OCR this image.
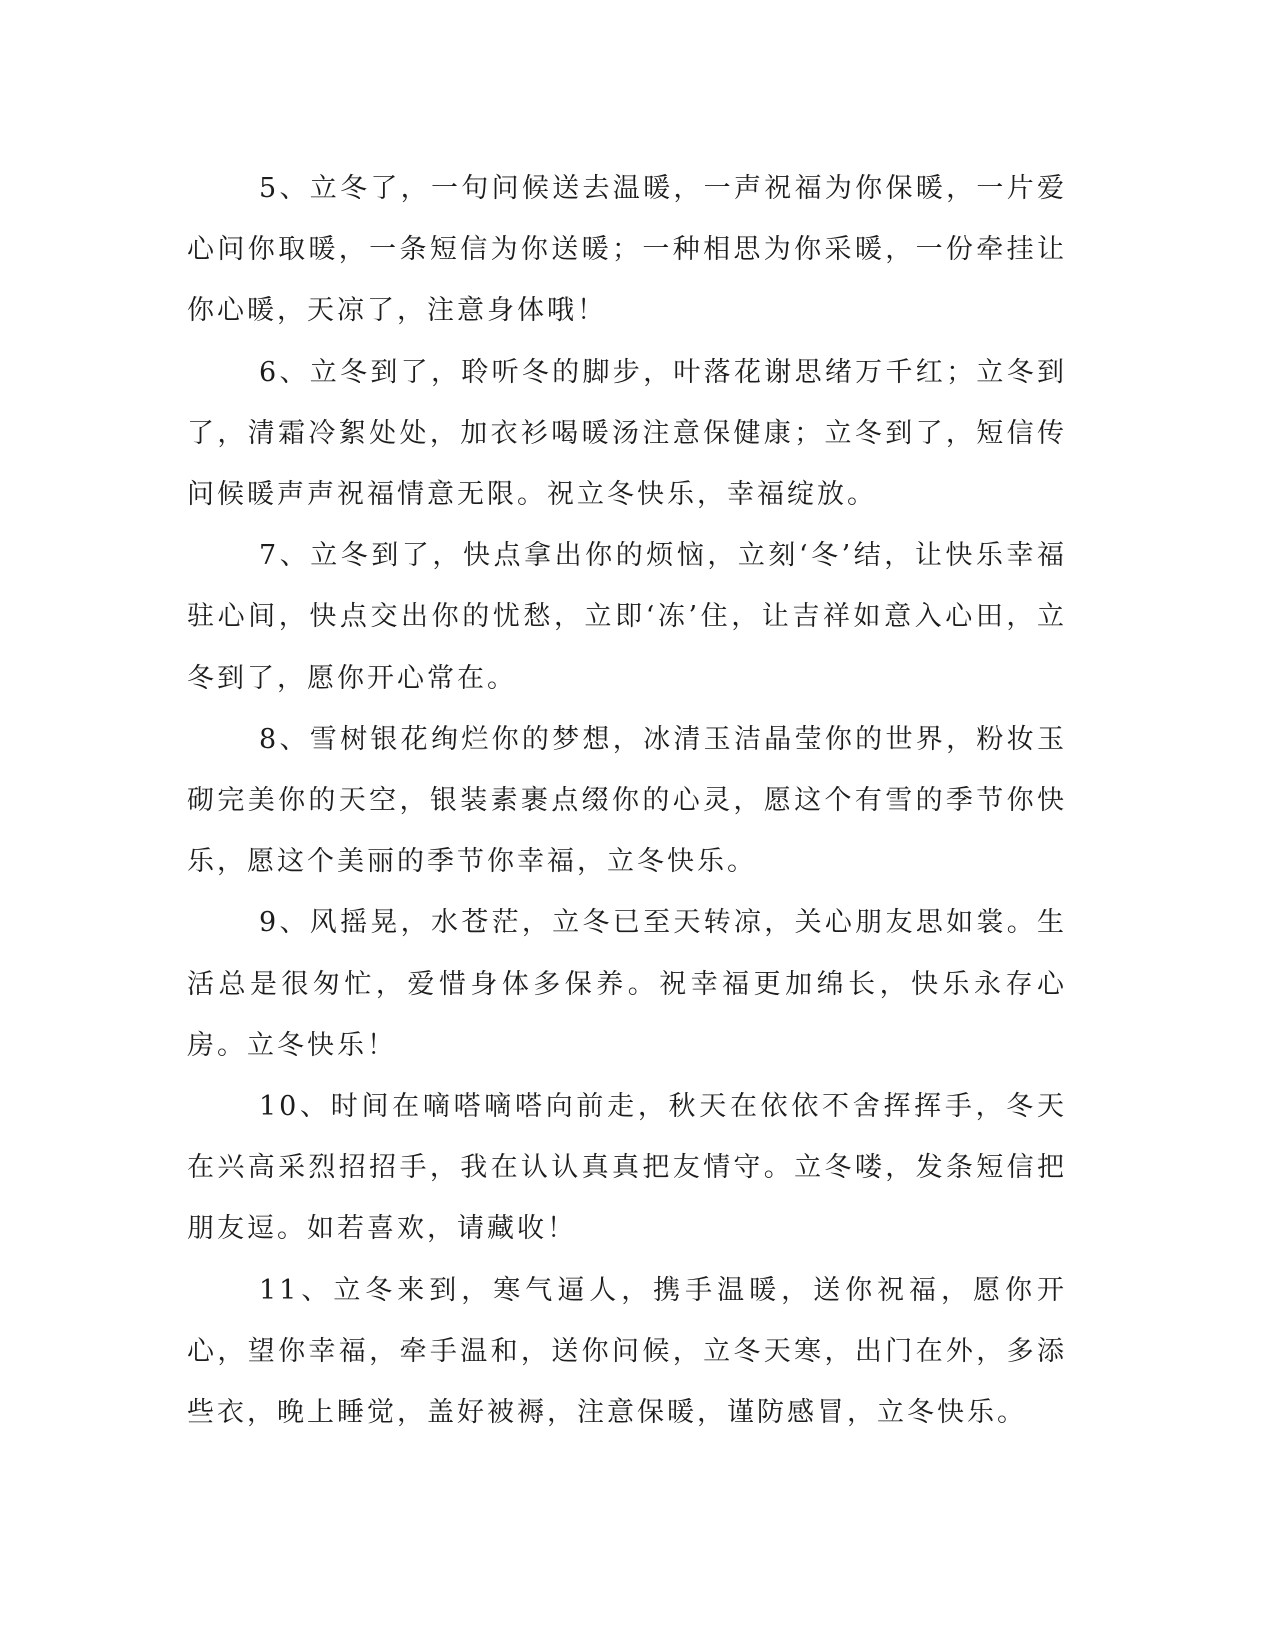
5、立冬了，一句问候送去温暖，一声祝福为你保暖，一片爱心问你取暖，一条短信为你送暖；一种相思为你采暖，一份牵挂让你心暖，天凉了，注意身体哦！

6、立冬到了，聆听冬的脚步，叶落花谢思绪万千红；立冬到了，清霜冷絮处处，加衣衫喝暖汤注意保健康；立冬到了，短信传问候暖声声祝福情意无限。祝立冬快乐，幸福绽放。

7、立冬到了，快点拿出你的烦恼，立刻‘冬’结，让快乐幸福驻心间，快点交出你的忧愁，立即‘冻’住，让吉祥如意入心田，立冬到了，愿你开心常在。

8、雪树银花绚烂你的梦想，冰清玉洁晶莹你的世界，粉妆玉砌完美你的天空，银装素裹点缀你的心灵，愿这个有雪的季节你快乐，愿这个美丽的季节你幸福，立冬快乐。

9、风摇晃，水苍茫，立冬已至天转凉，关心朋友思如裳。生活总是很匆忙，爱惜身体多保养。祝幸福更加绵长，快乐永存心房。立冬快乐！

10、时间在嘀嗒嘀嗒向前走，秋天在依依不舍挥挥手，冬天在兴高采烈招招手，我在认认真真把友情守。立冬喽，发条短信把朋友逗。如若喜欢，请藏收！

11、立冬来到，寒气逼人，携手温暖，送你祝福，愿你开心，望你幸福，牵手温和，送你问候，立冬天寒，出门在外，多添些衣，晚上睡觉，盖好被褥，注意保暖，谨防感冒，立冬快乐。
